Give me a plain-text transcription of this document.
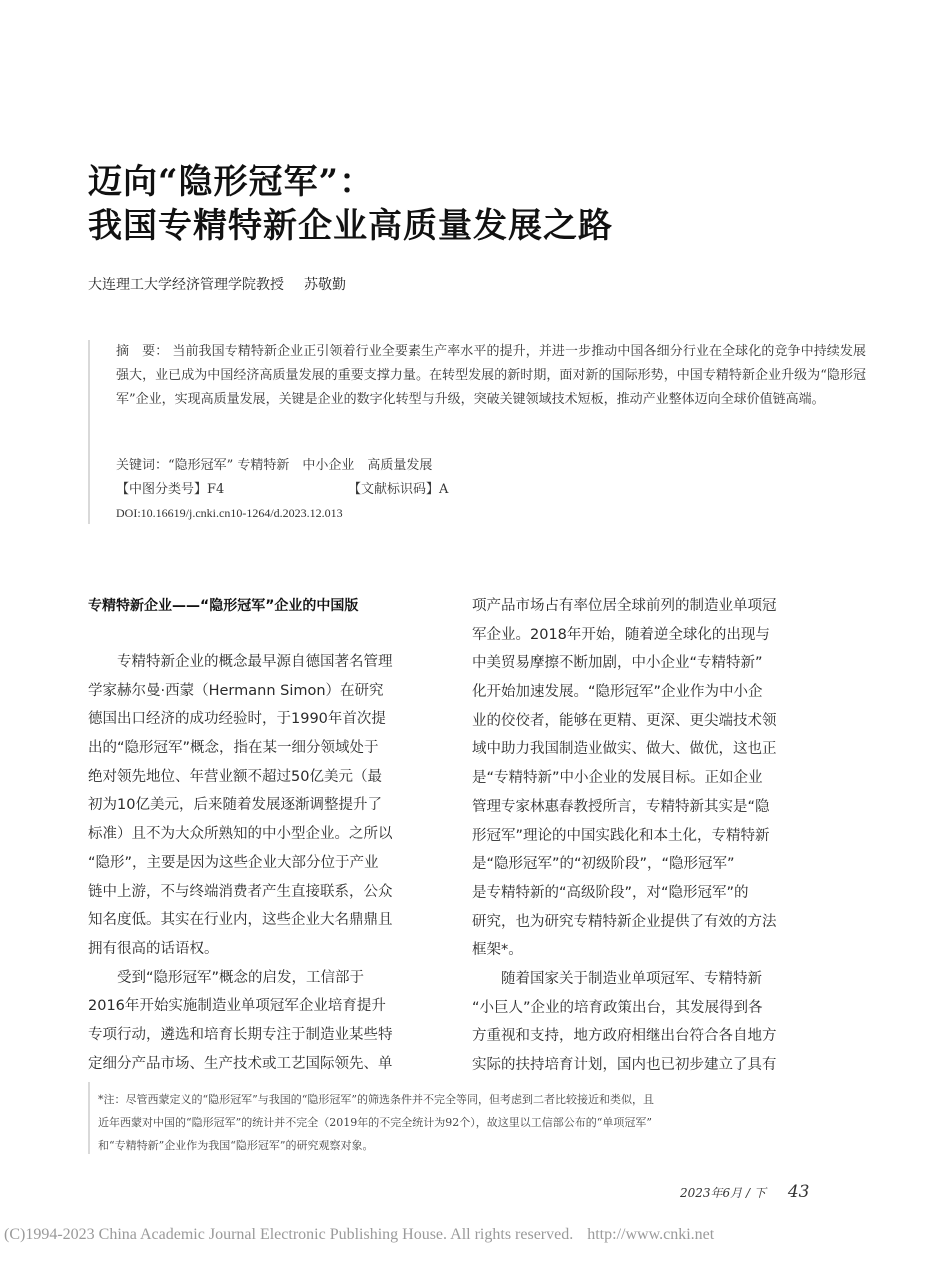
迈向“隐形冠军”：
我国专精特新企业高质量发展之路
大连理工大学经济管理学院教授 苏敬勤
摘　要： 当前我国专精特新企业正引领着行业全要素生产率水平的提升，并进一步推动中国各细分行业在全球化的竞争中持续发展强大，业已成为中国经济高质量发展的重要支撑力量。在转型发展的新时期，面对新的国际形势，中国专精特新企业升级为“隐形冠军”企业，实现高质量发展，关键是企业的数字化转型与升级，突破关键领域技术短板，推动产业整体迈向全球价值链高端。
关键词：“隐形冠军” 专精特新　中小企业　高质量发展
【中图分类号】F4	【文献标识码】A
DOI:10.16619/j.cnki.cn10-1264/d.2023.12.013
专精特新企业——“隐形冠军”企业的中国版
专精特新企业的概念最早源自德国著名管理
学家赫尔曼·西蒙（Hermann Simon）在研究
德国出口经济的成功经验时，于1990年首次提
出的“隐形冠军”概念，指在某一细分领域处于
绝对领先地位、年营业额不超过50亿美元（最
初为10亿美元，后来随着发展逐渐调整提升了
标准）且不为大众所熟知的中小型企业。之所以
“隐形”，主要是因为这些企业大部分位于产业
链中上游，不与终端消费者产生直接联系，公众
知名度低。其实在行业内，这些企业大名鼎鼎且
拥有很高的话语权。
受到“隐形冠军”概念的启发，工信部于
2016年开始实施制造业单项冠军企业培育提升
专项行动，遴选和培育长期专注于制造业某些特
定细分产品市场、生产技术或工艺国际领先、单
项产品市场占有率位居全球前列的制造业单项冠
军企业。2018年开始，随着逆全球化的出现与
中美贸易摩擦不断加剧，中小企业“专精特新”
化开始加速发展。“隐形冠军”企业作为中小企
业的佼佼者，能够在更精、更深、更尖端技术领
域中助力我国制造业做实、做大、做优，这也正
是“专精特新”中小企业的发展目标。正如企业
管理专家林惠春教授所言，专精特新其实是“隐
形冠军”理论的中国实践化和本土化，专精特新
是“隐形冠军”的“初级阶段”，“隐形冠军”
是专精特新的“高级阶段”，对“隐形冠军”的
研究，也为研究专精特新企业提供了有效的方法
框架*。
随着国家关于制造业单项冠军、专精特新
“小巨人”企业的培育政策出台，其发展得到各
方重视和支持，地方政府相继出台符合各自地方
实际的扶持培育计划，国内也已初步建立了具有
*注：尽管西蒙定义的“隐形冠军”与我国的“隐形冠军”的筛选条件并不完全等同，但考虑到二者比较接近和类似，且
近年西蒙对中国的“隐形冠军”的统计并不完全（2019年的不完全统计为92个），故这里以工信部公布的“单项冠军”
和“专精特新”企业作为我国“隐形冠军”的研究观察对象。
2023年6月 / 下 43
(C)1994-2023 China Academic Journal Electronic Publishing House. All rights reserved. http://www.cnki.net
